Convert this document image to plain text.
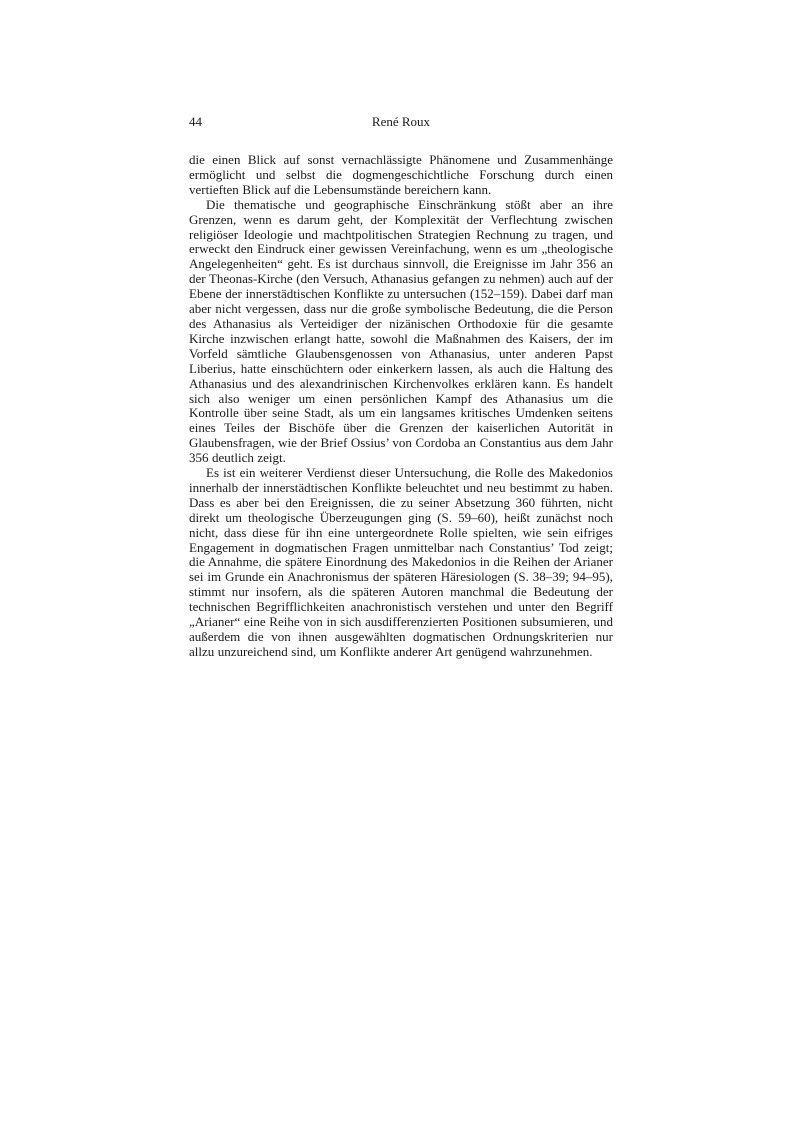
44	René Roux

die einen Blick auf sonst vernachlässigte Phänomene und Zusammenhänge ermöglicht und selbst die dogmengeschichtliche Forschung durch einen vertieften Blick auf die Lebensumstände bereichern kann.

Die thematische und geographische Einschränkung stößt aber an ihre Grenzen, wenn es darum geht, der Komplexität der Verflechtung zwischen religiöser Ideologie und machtpolitischen Strategien Rechnung zu tragen, und erweckt den Eindruck einer gewissen Vereinfachung, wenn es um „theologische Angelegenheiten“ geht. Es ist durchaus sinnvoll, die Ereignisse im Jahr 356 an der Theonas-Kirche (den Versuch, Athanasius gefangen zu nehmen) auch auf der Ebene der innerstädtischen Konflikte zu untersuchen (152–159). Dabei darf man aber nicht vergessen, dass nur die große symbolische Bedeutung, die die Person des Athanasius als Verteidiger der nizänischen Orthodoxie für die gesamte Kirche inzwischen erlangt hatte, sowohl die Maßnahmen des Kaisers, der im Vorfeld sämtliche Glaubensgenossen von Athanasius, unter anderen Papst Liberius, hatte einschüchtern oder einkerkern lassen, als auch die Haltung des Athanasius und des alexandrinischen Kirchenvolkes erklären kann. Es handelt sich also weniger um einen persönlichen Kampf des Athanasius um die Kontrolle über seine Stadt, als um ein langsames kritisches Umdenken seitens eines Teiles der Bischöfe über die Grenzen der kaiserlichen Autorität in Glaubensfragen, wie der Brief Ossius’ von Cordoba an Constantius aus dem Jahr 356 deutlich zeigt.

Es ist ein weiterer Verdienst dieser Untersuchung, die Rolle des Makedonios innerhalb der innerstädtischen Konflikte beleuchtet und neu bestimmt zu haben. Dass es aber bei den Ereignissen, die zu seiner Absetzung 360 führten, nicht direkt um theologische Überzeugungen ging (S. 59–60), heißt zunächst noch nicht, dass diese für ihn eine untergeordnete Rolle spielten, wie sein eifriges Engagement in dogmatischen Fragen unmittelbar nach Constantius’ Tod zeigt; die Annahme, die spätere Einordnung des Makedonios in die Reihen der Arianer sei im Grunde ein Anachronismus der späteren Häresiologen (S. 38–39; 94–95), stimmt nur insofern, als die späteren Autoren manchmal die Bedeutung der technischen Begrifflichkeiten anachronistisch verstehen und unter den Begriff „Arianer“ eine Reihe von in sich ausdifferenzierten Positionen subsumieren, und außerdem die von ihnen ausgewählten dogmatischen Ordnungskriterien nur allzu unzureichend sind, um Konflikte anderer Art genügend wahrzunehmen.
